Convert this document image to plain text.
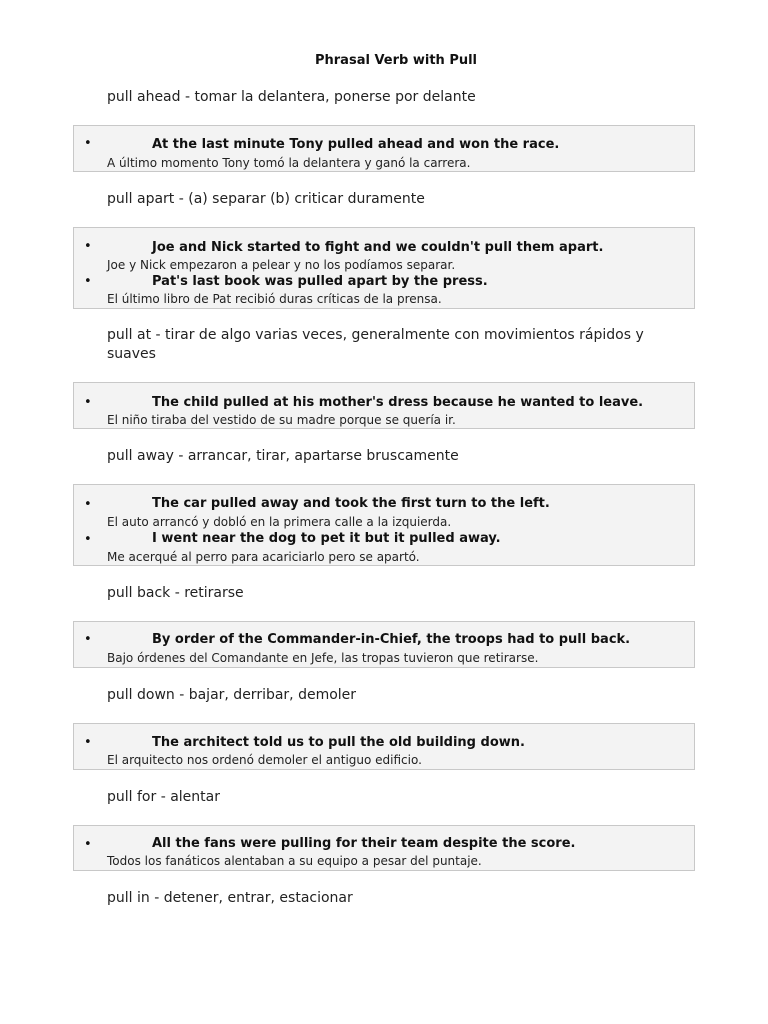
Phrasal Verb with Pull
pull ahead - tomar la delantera, ponerse por delante
•	At the last minute Tony pulled ahead and won the race.
A último momento Tony tomó la delantera y ganó la carrera.
pull apart - (a) separar (b) criticar duramente
•	Joe and Nick started to fight and we couldn't pull them apart.
Joe y Nick empezaron a pelear y no los podíamos separar.
•	Pat's last book was pulled apart by the press.
El último libro de Pat recibió duras críticas de la prensa.
pull at - tirar de algo varias veces, generalmente con movimientos rápidos y suaves
•	The child pulled at his mother's dress because he wanted to leave.
El niño tiraba del vestido de su madre porque se quería ir.
pull away - arrancar, tirar, apartarse bruscamente
•	The car pulled away and took the first turn to the left.
El auto arrancó y dobló en la primera calle a la izquierda.
•	I went near the dog to pet it but it pulled away.
Me acerqué al perro para acariciarlo pero se apartó.
pull back - retirarse
•	By order of the Commander-in-Chief, the troops had to pull back.
Bajo órdenes del Comandante en Jefe, las tropas tuvieron que retirarse.
pull down - bajar, derribar, demoler
•	The architect told us to pull the old building down.
El arquitecto nos ordenó demoler el antiguo edificio.
pull for - alentar
•	All the fans were pulling for their team despite the score.
Todos los fanáticos alentaban a su equipo a pesar del puntaje.
pull in - detener, entrar, estacionar
